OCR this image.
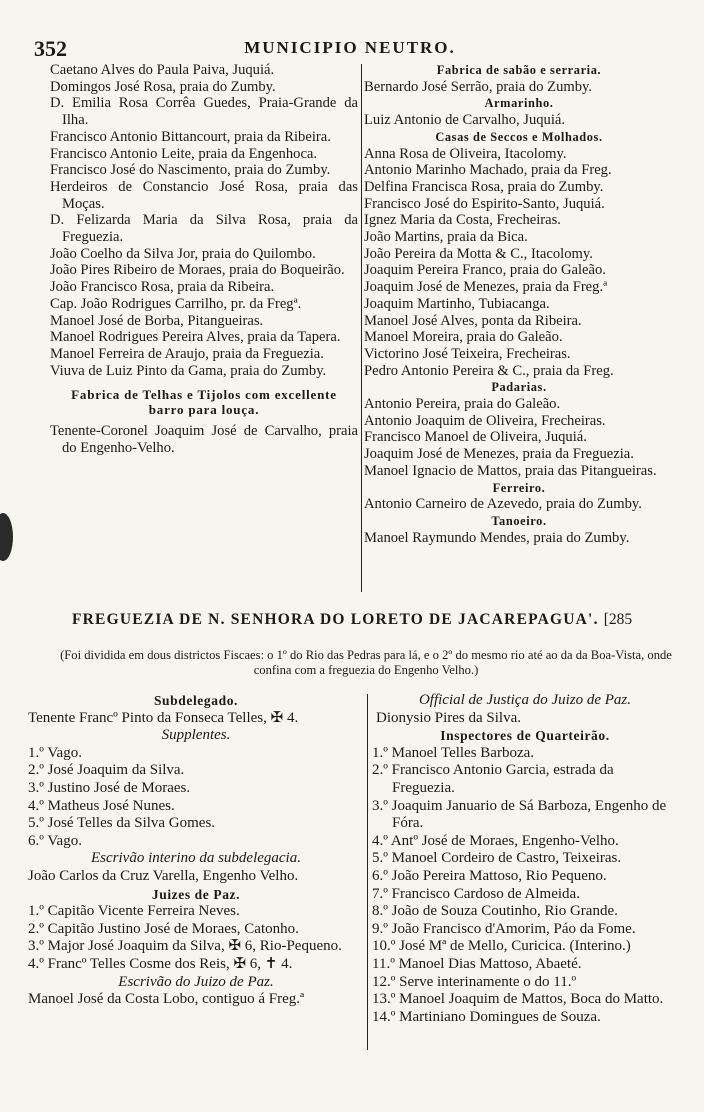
352	MUNICIPIO NEUTRO.
Caetano Alves do Paula Paiva, Juquiá.
Domingos José Rosa, praia do Zumby.
D. Emilia Rosa Corrêa Guedes, Praia-Grande da Ilha.
Francisco Antonio Bittancourt, praia da Ribeira.
Francisco Antonio Leite, praia da Engenhoca.
Francisco José do Nascimento, praia do Zumby.
Herdeiros de Constancio José Rosa, praia das Moças.
D. Felizarda Maria da Silva Rosa, praia da Freguezia.
João Coelho da Silva Jor, praia do Quilombo.
João Pires Ribeiro de Moraes, praia do Boqueirão.
João Francisco Rosa, praia da Ribeira.
Cap. João Rodrigues Carrilho, pr. da Fregª.
Manoel José de Borba, Pitangueiras.
Manoel Rodrigues Pereira Alves, praia da Tapera.
Manoel Ferreira de Araujo, praia da Freguezia.
Viuva de Luiz Pinto da Gama, praia do Zumby.
Fabrica de Telhas e Tijolos com excellente barro para louça.
Tenente-Coronel Joaquim José de Carvalho, praia do Engenho-Velho.
Fabrica de sabão e serraria.
Bernardo José Serrão, praia do Zumby.
Armarinho.
Luiz Antonio de Carvalho, Juquiá.
Casas de Seccos e Molhados.
Anna Rosa de Oliveira, Itacolomy.
Antonio Marinho Machado, praia da Freg.
Delfina Francisca Rosa, praia do Zumby.
Francisco José do Espirito-Santo, Juquiá.
Ignez Maria da Costa, Frecheiras.
João Martins, praia da Bica.
João Pereira da Motta & C., Itacolomy.
Joaquim Pereira Franco, praia do Galeão.
Joaquim José de Menezes, praia da Freg.ª
Joaquim Martinho, Tubiacanga.
Manoel José Alves, ponta da Ribeira.
Manoel Moreira, praia do Galeão.
Victorino José Teixeira, Frecheiras.
Pedro Antonio Pereira & C., praia da Freg.
Padarias.
Antonio Pereira, praia do Galeão.
Antonio Joaquim de Oliveira, Frecheiras.
Francisco Manoel de Oliveira, Juquiá.
Joaquim José de Menezes, praia da Freguezia.
Manoel Ignacio de Mattos, praia das Pitangueiras.
Ferreiro.
Antonio Carneiro de Azevedo, praia do Zumby.
Tanoeiro.
Manoel Raymundo Mendes, praia do Zumby.
FREGUEZIA DE N. SENHORA DO LORETO DE JACAREPAGUA'. [285
(Foi dividida em dous districtos Fiscaes: o 1º do Rio das Pedras para lá, e o 2º do mesmo rio até ao da da Boa-Vista, onde confina com a freguezia do Engenho Velho.)
Subdelegado.
Tenente Francº Pinto da Fonseca Telles, ✠ 4.
Supplentes.
1.º Vago.
2.º José Joaquim da Silva.
3.º Justino José de Moraes.
4.º Matheus José Nunes.
5.º José Telles da Silva Gomes.
6.º Vago.
Escrivão interino da subdelegacia.
João Carlos da Cruz Varella, Engenho Velho.
Juizes de Paz.
1.º Capitão Vicente Ferreira Neves.
2.º Capitão Justino José de Moraes, Catonho.
3.º Major José Joaquim da Silva, ✠ 6, Rio-Pequeno.
4.º Francº Telles Cosme dos Reis, ✠ 6, ✝ 4.
Escrivão do Juizo de Paz.
Manoel José da Costa Lobo, contiguo á Freg.ª
Official de Justiça do Juizo de Paz.
Dionysio Pires da Silva.
Inspectores de Quarteirão.
1.º Manoel Telles Barboza.
2.º Francisco Antonio Garcia, estrada da Freguezia.
3.º Joaquim Januario de Sá Barboza, Engenho de Fóra.
4.º Antº José de Moraes, Engenho-Velho.
5.º Manoel Cordeiro de Castro, Teixeiras.
6.º João Pereira Mattoso, Rio Pequeno.
7.º Francisco Cardoso de Almeida.
8.º João de Souza Coutinho, Rio Grande.
9.º João Francisco d'Amorim, Páo da Fome.
10.º José Mª de Mello, Curicica. (Interino.)
11.º Manoel Dias Mattoso, Abaeté.
12.º Serve interinamente o do 11.º
13.º Manoel Joaquim de Mattos, Boca do Matto.
14.º Martiniano Domingues de Souza.
